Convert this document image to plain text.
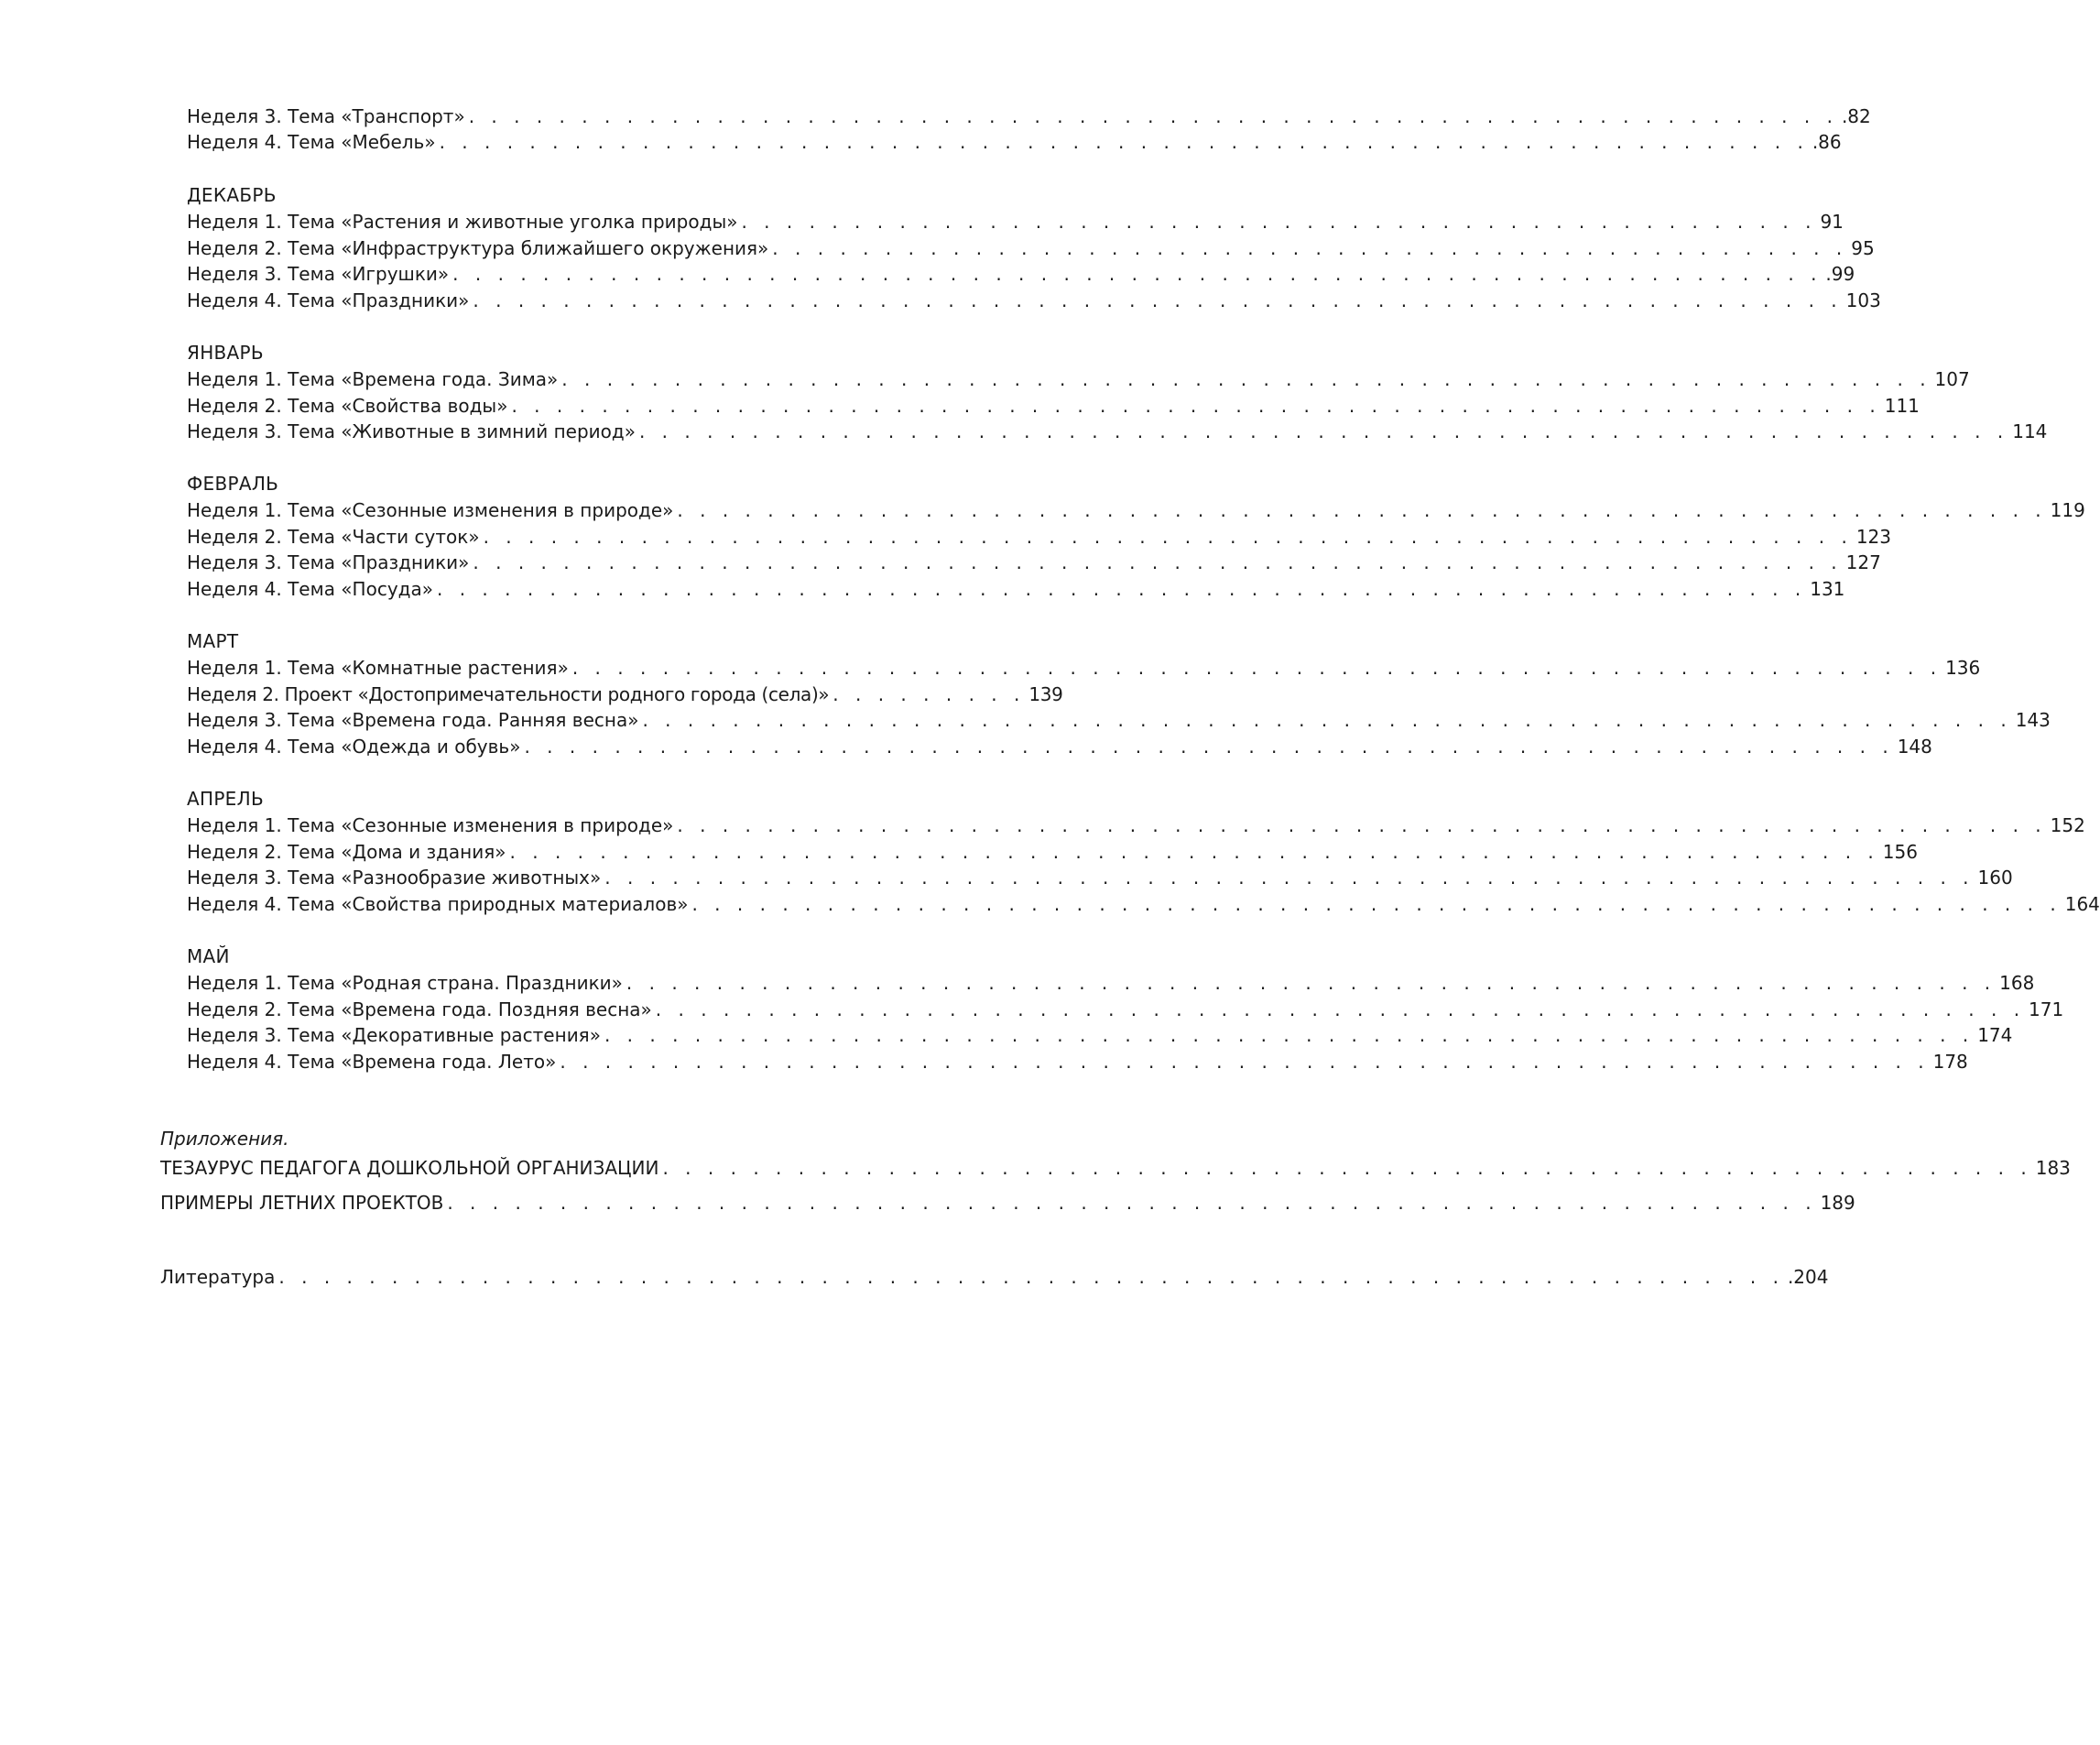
Неделя 3. Тема «Транспорт» . . . . . . . . . . . . . . . . . . . . . . . . . . . . . . . . . . . . . . . . . . . . . . . . . . . . . . . . . . . . . .82
Неделя 4. Тема «Мебель» . . . . . . . . . . . . . . . . . . . . . . . . . . . . . . . . . . . . . . . . . . . . . . . . . . . . . . . . . . . . . .86
ДЕКАБРЬ
Неделя 1. Тема «Растения и животные уголка природы» . . . . . . . . . . . . . . . . . . . . . . . . . . . . . . . . . . . . . . . . . . . . . . . . 91
Неделя 2. Тема «Инфраструктура ближайшего окружения» . . . . . . . . . . . . . . . . . . . . . . . . . . . . . . . . . . . . . . . . . . . . . . . . 95
Неделя 3. Тема «Игрушки» . . . . . . . . . . . . . . . . . . . . . . . . . . . . . . . . . . . . . . . . . . . . . . . . . . . . . . . . . . . . . .99
Неделя 4. Тема «Праздники» . . . . . . . . . . . . . . . . . . . . . . . . . . . . . . . . . . . . . . . . . . . . . . . . . . . . . . . . . . . . . 103
ЯНВАРЬ
Неделя 1. Тема «Времена года. Зима» . . . . . . . . . . . . . . . . . . . . . . . . . . . . . . . . . . . . . . . . . . . . . . . . . . . . . . . . . . . . . 107
Неделя 2. Тема «Свойства воды» . . . . . . . . . . . . . . . . . . . . . . . . . . . . . . . . . . . . . . . . . . . . . . . . . . . . . . . . . . . . . 111
Неделя 3. Тема «Животные в зимний период» . . . . . . . . . . . . . . . . . . . . . . . . . . . . . . . . . . . . . . . . . . . . . . . . . . . . . . . . . . . . . 114
ФЕВРАЛЬ
Неделя 1. Тема «Сезонные изменения в природе» . . . . . . . . . . . . . . . . . . . . . . . . . . . . . . . . . . . . . . . . . . . . . . . . . . . . . . . . . . . . . 119
Неделя 2. Тема «Части суток» . . . . . . . . . . . . . . . . . . . . . . . . . . . . . . . . . . . . . . . . . . . . . . . . . . . . . . . . . . . . . 123
Неделя 3. Тема «Праздники» . . . . . . . . . . . . . . . . . . . . . . . . . . . . . . . . . . . . . . . . . . . . . . . . . . . . . . . . . . . . . 127
Неделя 4. Тема «Посуда» . . . . . . . . . . . . . . . . . . . . . . . . . . . . . . . . . . . . . . . . . . . . . . . . . . . . . . . . . . . . . 131
МАРТ
Неделя 1. Тема «Комнатные растения» . . . . . . . . . . . . . . . . . . . . . . . . . . . . . . . . . . . . . . . . . . . . . . . . . . . . . . . . . . . . . 136
Неделя 2. Проект «Достопримечательности родного города (села)» . . . . . . . . . 139
Неделя 3. Тема «Времена года. Ранняя весна» . . . . . . . . . . . . . . . . . . . . . . . . . . . . . . . . . . . . . . . . . . . . . . . . . . . . . . . . . . . . . 143
Неделя 4. Тема «Одежда и обувь» . . . . . . . . . . . . . . . . . . . . . . . . . . . . . . . . . . . . . . . . . . . . . . . . . . . . . . . . . . . . . 148
АПРЕЛЬ
Неделя 1. Тема «Сезонные изменения в природе» . . . . . . . . . . . . . . . . . . . . . . . . . . . . . . . . . . . . . . . . . . . . . . . . . . . . . . . . . . . . . 152
Неделя 2. Тема «Дома и здания» . . . . . . . . . . . . . . . . . . . . . . . . . . . . . . . . . . . . . . . . . . . . . . . . . . . . . . . . . . . . . 156
Неделя 3. Тема «Разнообразие животных» . . . . . . . . . . . . . . . . . . . . . . . . . . . . . . . . . . . . . . . . . . . . . . . . . . . . . . . . . . . . . 160
Неделя 4. Тема «Свойства природных материалов» . . . . . . . . . . . . . . . . . . . . . . . . . . . . . . . . . . . . . . . . . . . . . . . . . . . . . . . . . . . . . 164
МАЙ
Неделя 1. Тема «Родная страна. Праздники» . . . . . . . . . . . . . . . . . . . . . . . . . . . . . . . . . . . . . . . . . . . . . . . . . . . . . . . . . . . . . 168
Неделя 2. Тема «Времена года. Поздняя весна» . . . . . . . . . . . . . . . . . . . . . . . . . . . . . . . . . . . . . . . . . . . . . . . . . . . . . . . . . . . . . 171
Неделя 3. Тема «Декоративные растения» . . . . . . . . . . . . . . . . . . . . . . . . . . . . . . . . . . . . . . . . . . . . . . . . . . . . . . . . . . . . . 174
Неделя 4. Тема «Времена года. Лето» . . . . . . . . . . . . . . . . . . . . . . . . . . . . . . . . . . . . . . . . . . . . . . . . . . . . . . . . . . . . . 178
Приложения.
ТЕЗАУРУС ПЕДАГОГА ДОШКОЛЬНОЙ ОРГАНИЗАЦИИ . . . . . . . . . . . . . . . . . . . . . . . . . . . . . . . . . . . . . . . . . . . . . . . . . . . . . . . . . . . . . 183
ПРИМЕРЫ ЛЕТНИХ ПРОЕКТОВ . . . . . . . . . . . . . . . . . . . . . . . . . . . . . . . . . . . . . . . . . . . . . . . . . . . . . . . . . . . . . 189
Литература . . . . . . . . . . . . . . . . . . . . . . . . . . . . . . . . . . . . . . . . . . . . . . . . . . . . . . . . . . . . . . . . . . . .204
